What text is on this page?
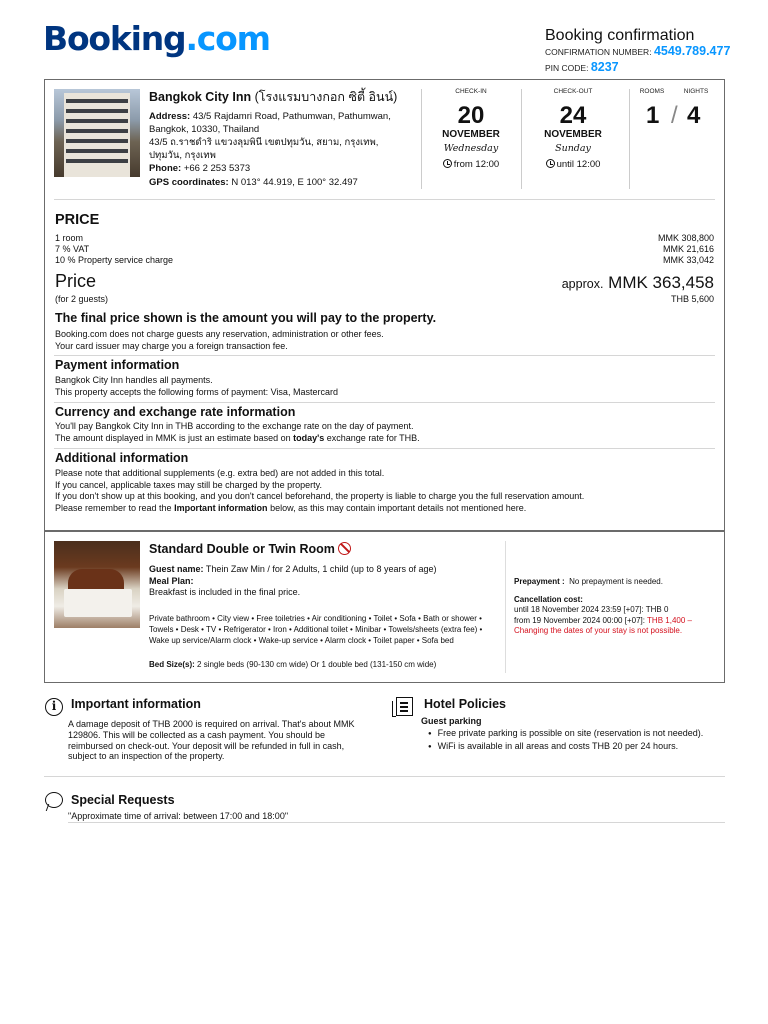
Booking.com	Booking confirmation
CONFIRMATION NUMBER: 4549.789.477
PIN CODE: 8237
Bangkok City Inn (โรงแรมบางกอก ซิตี้ อินน์)
Address: 43/5 Rajdamri Road, Pathumwan, Pathumwan,
Bangkok, 10330, Thailand
43/5 ถ.ราชดำริ แขวงลุมพินี เขตปทุมวัน, สยาม, กรุงเทพ,
ปทุมวัน, กรุงเทพ
Phone: +66 2 253 5373
GPS coordinates: N 013° 44.919, E 100° 32.497
CHECK-IN
20
NOVEMBER
Wednesday
from 12:00
CHECK-OUT
24
NOVEMBER
Sunday
until 12:00
ROOMS	NIGHTS
1 / 4
PRICE
1 room	MMK 308,800
7 % VAT	MMK 21,616
10 % Property service charge	MMK 33,042
Price	approx. MMK 363,458
(for 2 guests)	THB 5,600
The final price shown is the amount you will pay to the property.
Booking.com does not charge guests any reservation, administration or other fees.
Your card issuer may charge you a foreign transaction fee.
Payment information
Bangkok City Inn handles all payments.
This property accepts the following forms of payment: Visa, Mastercard
Currency and exchange rate information
You'll pay Bangkok City Inn in THB according to the exchange rate on the day of payment.
The amount displayed in MMK is just an estimate based on today's exchange rate for THB.
Additional information
Please note that additional supplements (e.g. extra bed) are not added in this total.
If you cancel, applicable taxes may still be charged by the property.
If you don't show up at this booking, and you don't cancel beforehand, the property is liable to charge you the full reservation amount.
Please remember to read the Important information below, as this may contain important details not mentioned here.
Standard Double or Twin Room
Guest name: Thein Zaw Min / for 2 Adults, 1 child (up to 8 years of age)
Meal Plan:
Breakfast is included in the final price.
Private bathroom • City view • Free toiletries • Air conditioning • Toilet • Sofa • Bath or shower • Towels • Desk • TV • Refrigerator • Iron • Additional toilet • Minibar • Towels/sheets (extra fee) • Wake up service/Alarm clock • Wake-up service • Alarm clock • Toilet paper • Sofa bed
Bed Size(s): 2 single beds (90-130 cm wide) Or 1 double bed (131-150 cm wide)
Prepayment : No prepayment is needed.
Cancellation cost:
until 18 November 2024 23:59 [+07]: THB 0
from 19 November 2024 00:00 [+07]: THB 1,400 –
Changing the dates of your stay is not possible.
i	Important information
A damage deposit of THB 2000 is required on arrival. That's about MMK 129806. This will be collected as a cash payment. You should be reimbursed on check-out. Your deposit will be refunded in full in cash, subject to an inspection of the property.
Hotel Policies
Guest parking
● Free private parking is possible on site (reservation is not needed).
● WiFi is available in all areas and costs THB 20 per 24 hours.
Special Requests
"Approximate time of arrival: between 17:00 and 18:00"
